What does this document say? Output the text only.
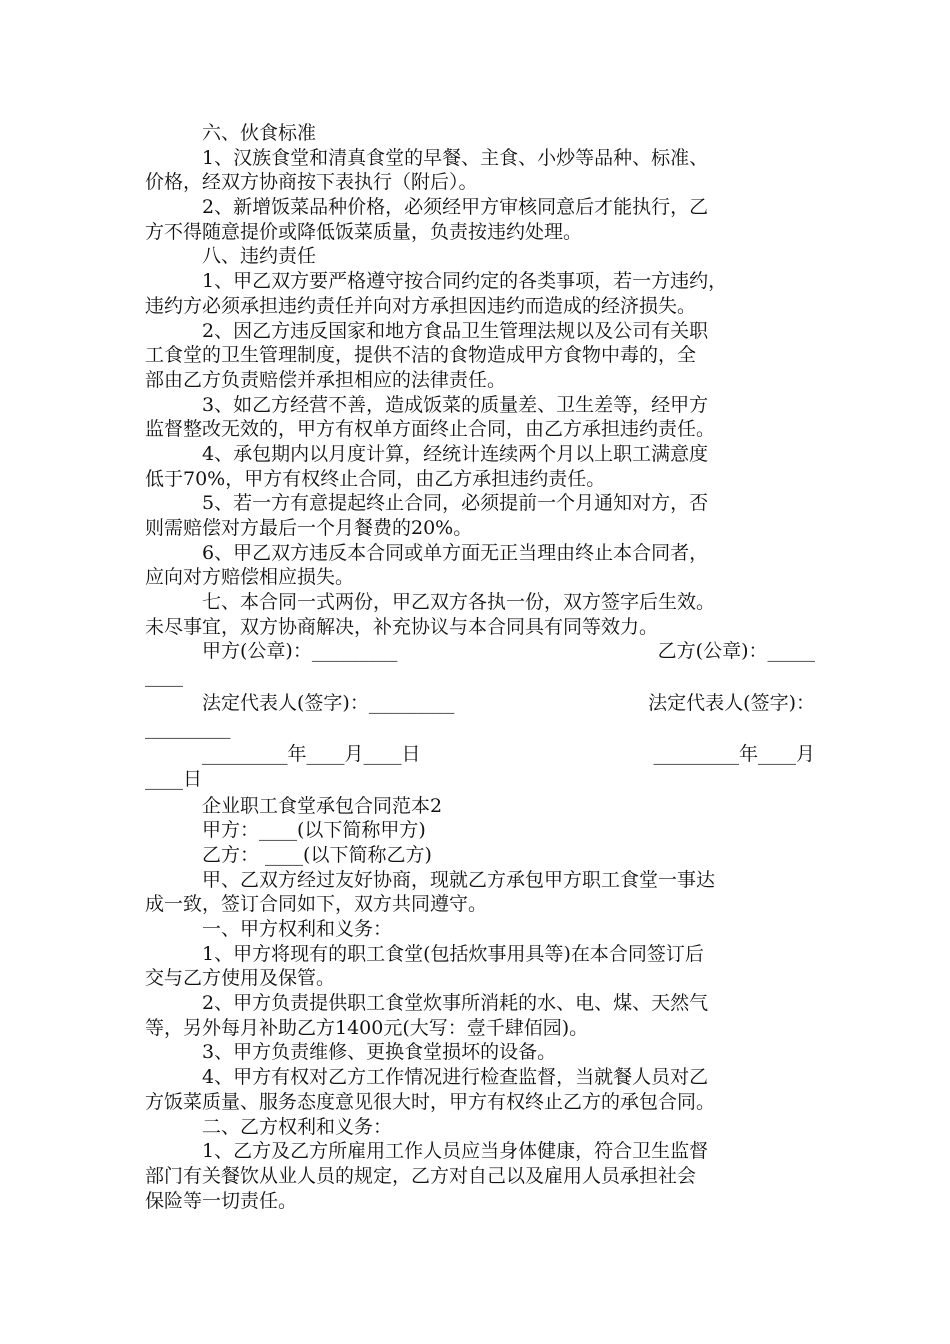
六、伙食标准
1、汉族食堂和清真食堂的早餐、主食、小炒等品种、标准、
价格，经双方协商按下表执行（附后）。
2、新增饭菜品种价格，必须经甲方审核同意后才能执行，乙
方不得随意提价或降低饭菜质量，负责按违约处理。
八、违约责任
1、甲乙双方要严格遵守按合同约定的各类事项，若一方违约，
违约方必须承担违约责任并向对方承担因违约而造成的经济损失。
2、因乙方违反国家和地方食品卫生管理法规以及公司有关职
工食堂的卫生管理制度，提供不洁的食物造成甲方食物中毒的，全
部由乙方负责赔偿并承担相应的法律责任。
3、如乙方经营不善，造成饭菜的质量差、卫生差等，经甲方
监督整改无效的，甲方有权单方面终止合同，由乙方承担违约责任。
4、承包期内以月度计算，经统计连续两个月以上职工满意度
低于70%，甲方有权终止合同，由乙方承担违约责任。
5、若一方有意提起终止合同，必须提前一个月通知对方，否
则需赔偿对方最后一个月餐费的20%。
6、甲乙双方违反本合同或单方面无正当理由终止本合同者，
应向对方赔偿相应损失。
七、本合同一式两份，甲乙双方各执一份，双方签字后生效。
未尽事宜，双方协商解决，补充协议与本合同具有同等效力。
甲方(公章)：_________	乙方(公章)：_____
____
法定代表人(签字)：_________	法定代表人(签字)：
_________
_________年____月____日	_________年____月
____日
企业职工食堂承包合同范本2
甲方：____(以下简称甲方)
乙方： ____(以下简称乙方)
甲、乙双方经过友好协商，现就乙方承包甲方职工食堂一事达
成一致，签订合同如下，双方共同遵守。
一、甲方权利和义务：
1、甲方将现有的职工食堂(包括炊事用具等)在本合同签订后
交与乙方使用及保管。
2、甲方负责提供职工食堂炊事所消耗的水、电、煤、天然气
等，另外每月补助乙方1400元(大写：壹千肆佰园)。
3、甲方负责维修、更换食堂损坏的设备。
4、甲方有权对乙方工作情况进行检查监督，当就餐人员对乙
方饭菜质量、服务态度意见很大时，甲方有权终止乙方的承包合同。
二、乙方权利和义务：
1、乙方及乙方所雇用工作人员应当身体健康，符合卫生监督
部门有关餐饮从业人员的规定，乙方对自己以及雇用人员承担社会
保险等一切责任。
